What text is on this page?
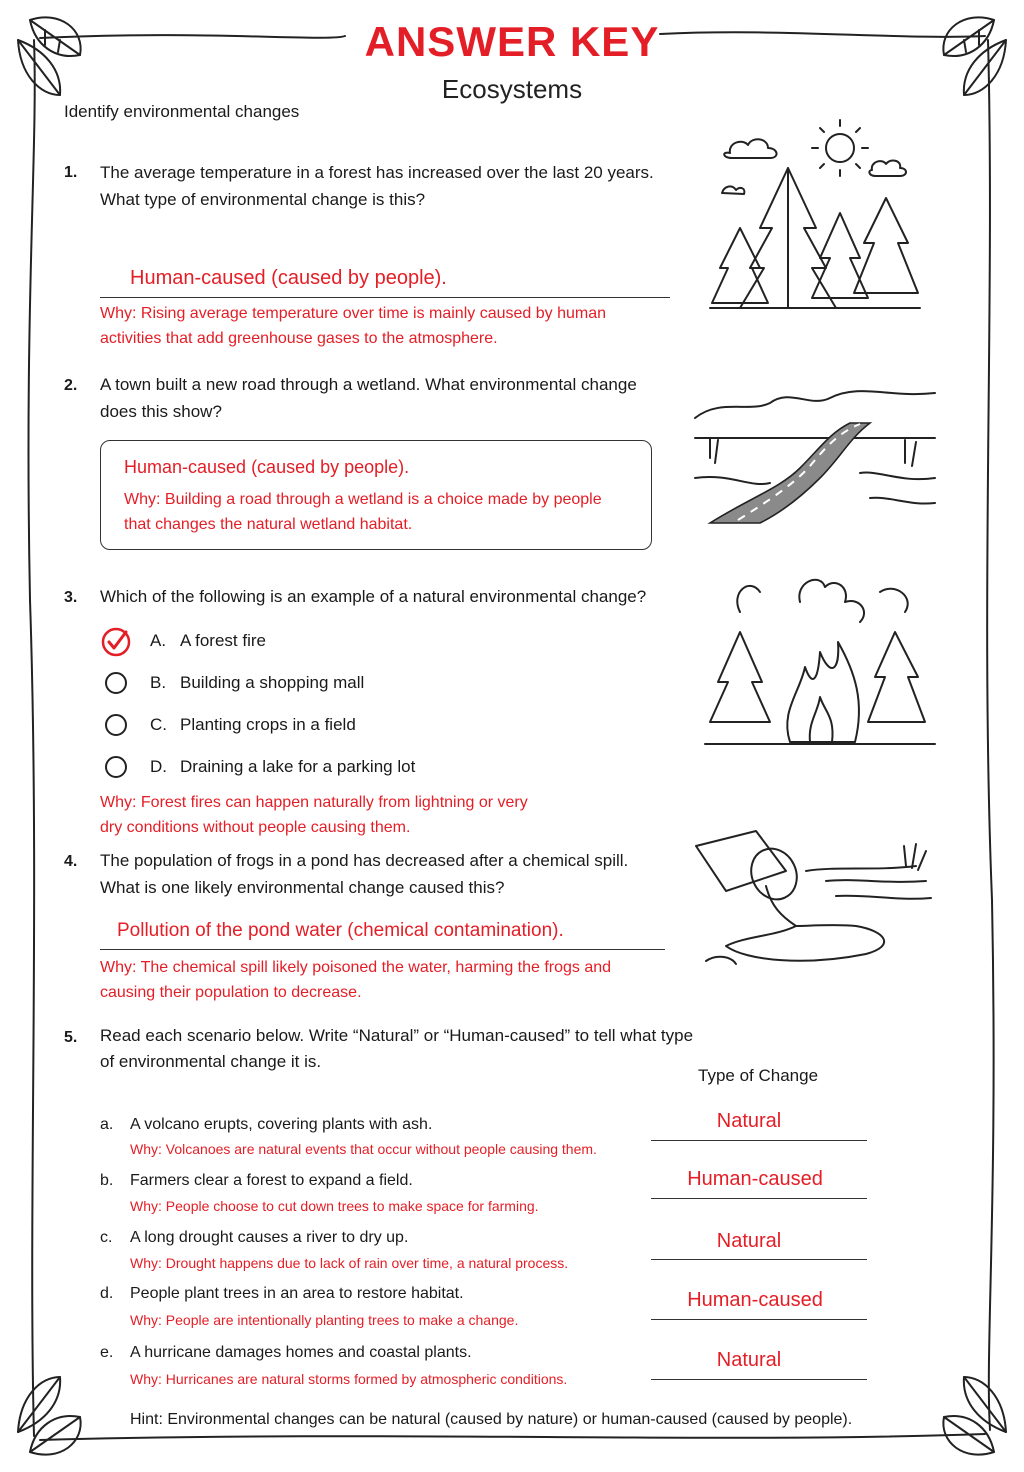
ANSWER KEY
Ecosystems
Identify environmental changes
1. The average temperature in a forest has increased over the last 20 years. What type of environmental change is this?
Human-caused (caused by people).
Why: Rising average temperature over time is mainly caused by human activities that add greenhouse gases to the atmosphere.
2. A town built a new road through a wetland. What environmental change does this show?
Human-caused (caused by people).
Why: Building a road through a wetland is a choice made by people that changes the natural wetland habitat.
3. Which of the following is an example of a natural environmental change?
A. A forest fire
B. Building a shopping mall
C. Planting crops in a field
D. Draining a lake for a parking lot
Why: Forest fires can happen naturally from lightning or very dry conditions without people causing them.
4. The population of frogs in a pond has decreased after a chemical spill. What is one likely environmental change caused this?
Pollution of the pond water (chemical contamination).
Why: The chemical spill likely poisoned the water, harming the frogs and causing their population to decrease.
5. Read each scenario below. Write “Natural” or “Human-caused” to tell what type of environmental change it is.
Type of Change
a. A volcano erupts, covering plants with ash.
Why: Volcanoes are natural events that occur without people causing them.
Natural
b. Farmers clear a forest to expand a field.
Why: People choose to cut down trees to make space for farming.
Human-caused
c. A long drought causes a river to dry up.
Why: Drought happens due to lack of rain over time, a natural process.
Natural
d. People plant trees in an area to restore habitat.
Why: People are intentionally planting trees to make a change.
Human-caused
e. A hurricane damages homes and coastal plants.
Why: Hurricanes are natural storms formed by atmospheric conditions.
Natural
Hint: Environmental changes can be natural (caused by nature) or human-caused (caused by people).
